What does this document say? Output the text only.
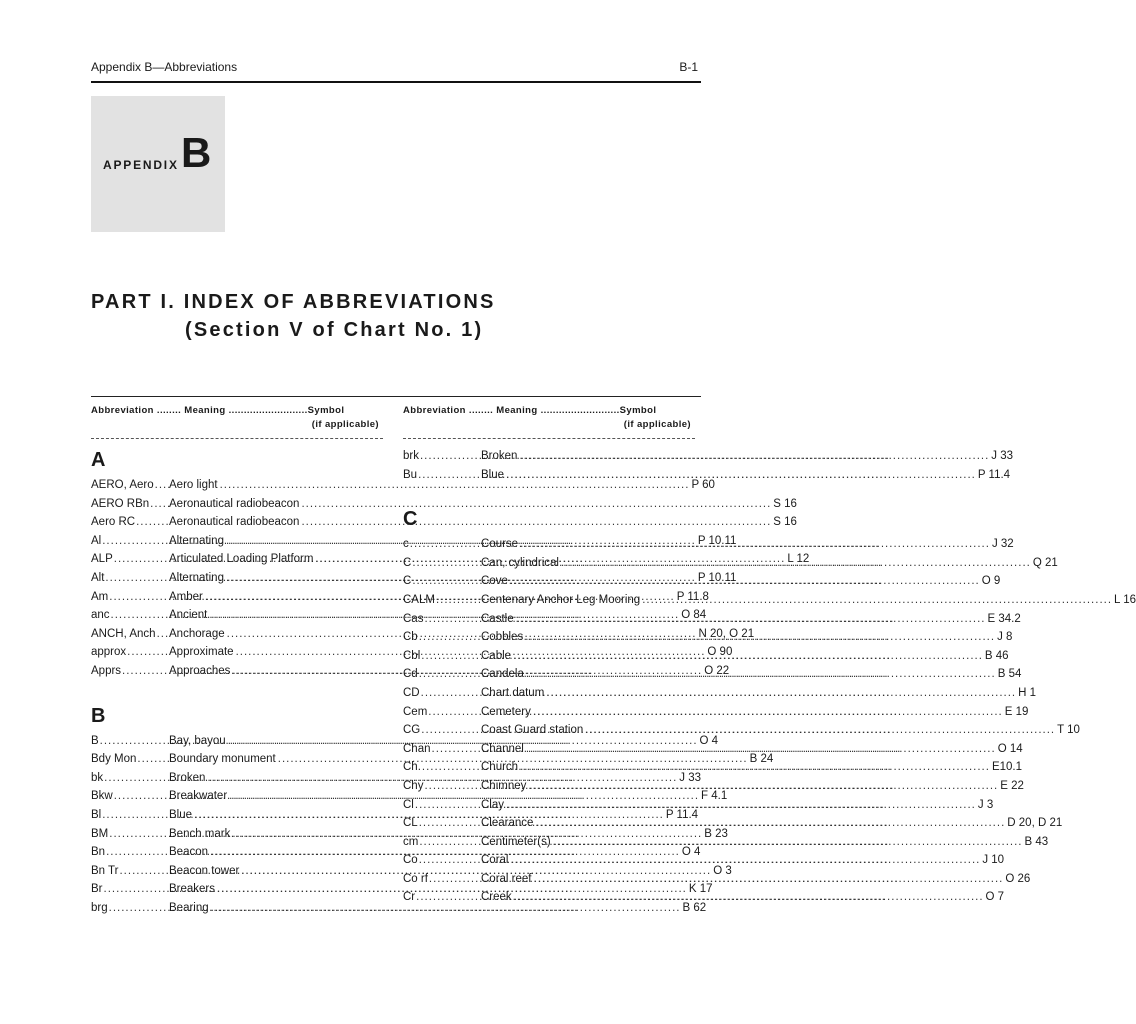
Appendix B—Abbreviations	B-1
APPENDIX B
PART I. INDEX OF ABBREVIATIONS
(Section V of Chart No. 1)
Abbreviation ........ Meaning ..........................Symbol
(if applicable)
A
AERO, Aero ..... Aero light .....	P 60
AERO RBn ..... Aeronautical radiobeacon .....	S 16
Aero RC .....	Aeronautical radiobeacon .....	S 16
Al .....	Alternating .....	P 10.11
ALP .....	Articulated Loading Platform .....	L 12
Alt .....	Alternating .....	P 10.11
Am .....	Amber .....	P 11.8
anc .....	Ancient .....	O 84
ANCH, Anch ..... Anchorage .....	N 20, O 21
approx .....	Approximate .....	O 90
Apprs .....	Approaches .....	O 22
B
B .....	Bay, bayou .....	O 4
Bdy Mon .....	Boundary monument .....	B 24
bk .....	Broken .....	J 33
Bkw .....	Breakwater .....	F 4.1
Bl .....	Blue .....	P 11.4
BM .....	Bench mark .....	B 23
Bn .....	Beacon .....	O 4
Bn Tr .....	Beacon tower .....	O 3
Br .....	Breakers .....	K 17
brg .....	Bearing .....	B 62
Abbreviation ........ Meaning ..........................Symbol
(if applicable)
brk .....	Broken .....	J 33
Bu .....	Blue .....	P 11.4
C
c .....	Course .....	J 32
C .....	Can, cylindrical .....	Q 21
C .....	Cove .....	O 9
CALM .....	Centenary Anchor Leg Mooring .....	L 16
Cas .....	Castle .....	E 34.2
Cb .....	Cobbles .....	J 8
Cbl .....	Cable .....	B 46
Cd .....	Candela .....	B 54
CD .....	Chart datum .....	H 1
Cem .....	Cemetery .....	E 19
CG .....	Coast Guard station .....	T 10
Chan .....	Channel .....	O 14
Ch. .....	Church .....	E10.1
Chy .....	Chimney .....	E 22
Cl .....	Clay .....	J 3
CL .....	Clearance .....	D 20, D 21
cm .....	Centimeter(s) .....	B 43
Co .....	Coral .....	J 10
Co rf .....	Coral reef .....	O 26
Cr .....	Creek .....	O 7
